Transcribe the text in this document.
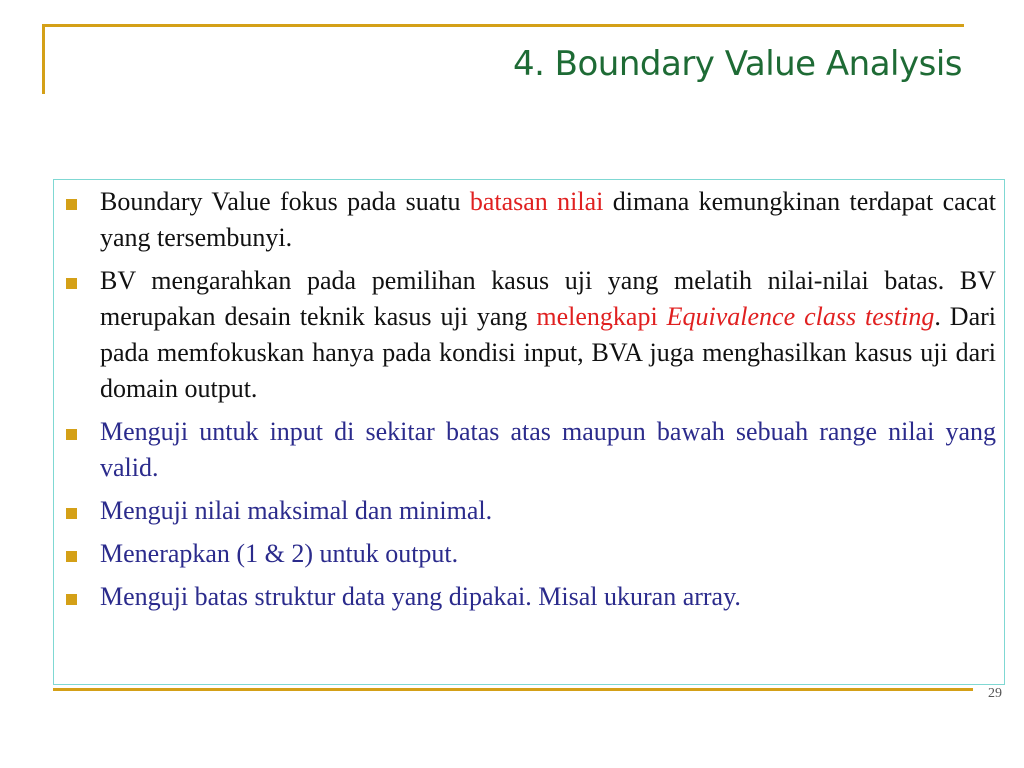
4. Boundary Value Analysis
Boundary Value fokus pada suatu batasan nilai dimana kemungkinan terdapat cacat yang tersembunyi.
BV mengarahkan pada pemilihan kasus uji yang melatih nilai-nilai batas. BV merupakan desain teknik kasus uji yang melengkapi Equivalence class testing. Dari pada memfokuskan hanya pada kondisi input, BVA juga menghasilkan kasus uji dari domain output.
Menguji untuk input di sekitar batas atas maupun bawah sebuah range nilai yang valid.
Menguji nilai maksimal dan minimal.
Menerapkan (1 & 2) untuk output.
Menguji batas struktur data yang dipakai. Misal ukuran array.
29
